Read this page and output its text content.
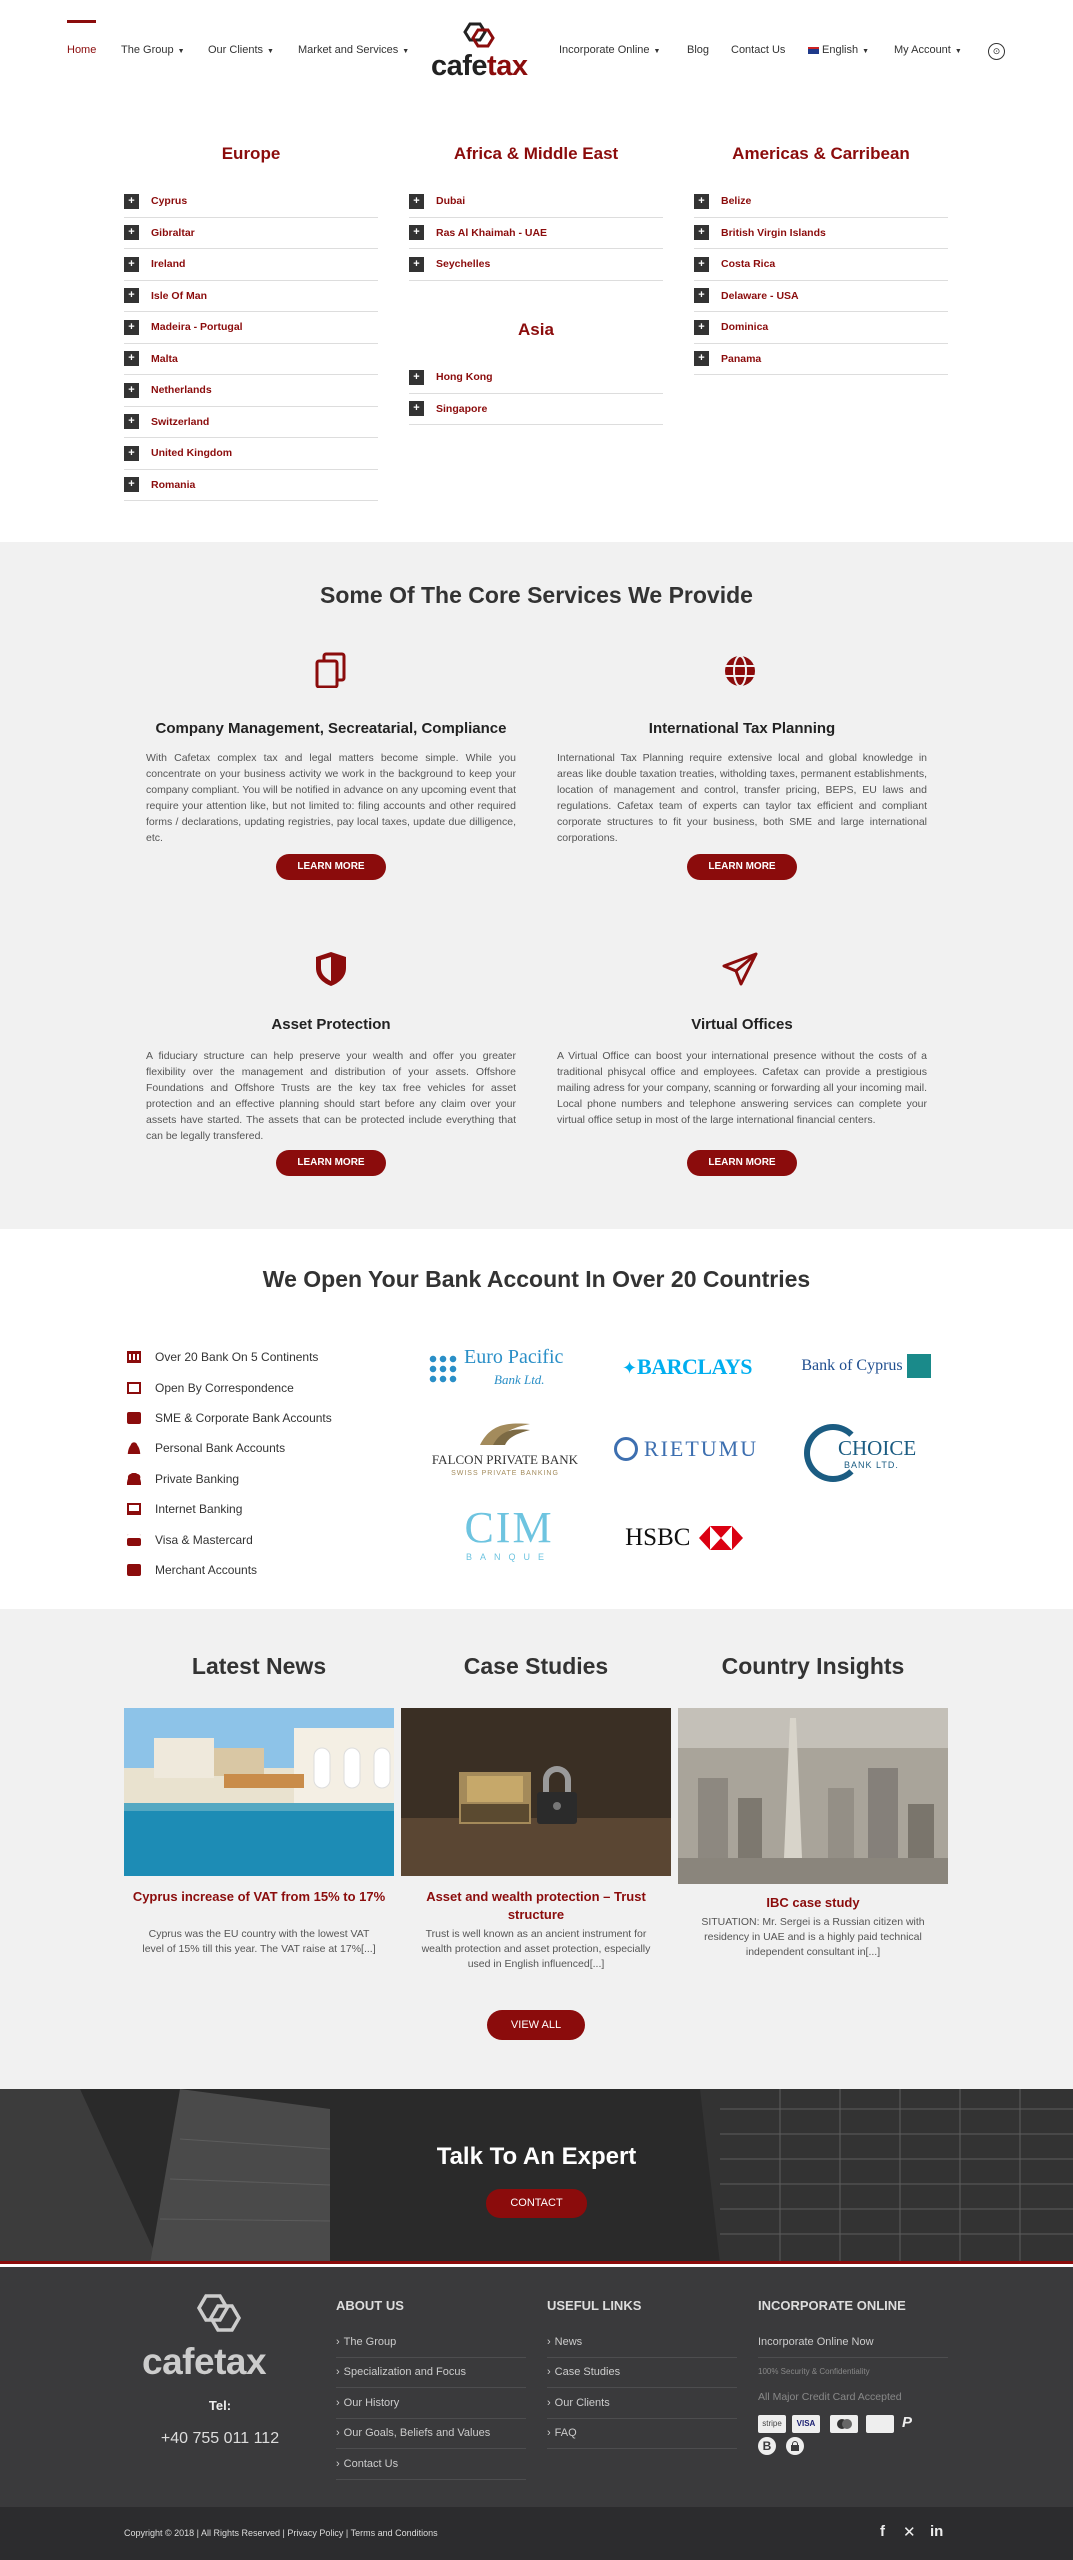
Home The Group ▼ Our Clients ▼ Market and Services ▼ cafetax	Incorporate Online ▼ Blog Contact Us	English ▼ My Account ▼	⊙
Europe
+	Cyprus
+	Gibraltar
+	Ireland
+	Isle Of Man
+	Madeira - Portugal
+	Malta
+	Netherlands
+	Switzerland
+	United Kingdom
+	Romania
Africa & Middle East
+	Dubai
+	Ras Al Khaimah - UAE
+	Seychelles
Asia
+	Hong Kong
+	Singapore
Americas & Carribean
+	Belize
+	British Virgin Islands
+	Costa Rica
+	Delaware - USA
+	Dominica
+	Panama
Some Of The Core Services We Provide
Company Management, Secreatarial, Compliance
With Cafetax complex tax and legal matters become simple. While you concentrate on your business activity we work in the background to keep your company compliant. You will be notified in advance on any upcoming event that require your attention like, but not limited to: filing accounts and other required forms / declarations, updating registries, pay local taxes, update due dilligence, etc.
LEARN MORE
International Tax Planning
International Tax Planning require extensive local and global knowledge in areas like double taxation treaties, witholding taxes, permanent establishments, location of management and control, transfer pricing, BEPS, EU laws and regulations. Cafetax team of experts can taylor tax efficient and compliant corporate structures to fit your business, both SME and large international corporations.
LEARN MORE
Asset Protection
A fiduciary structure can help preserve your wealth and offer you greater flexibility over the management and distribution of your assets. Offshore Foundations and Offshore Trusts are the key tax free vehicles for asset protection and an effective planning should start before any claim over your assets have started. The assets that can be protected include everything that can be legally transfered.
LEARN MORE
Virtual Offices
A Virtual Office can boost your international presence without the costs of a traditional phisycal office and employees. Cafetax can provide a prestigious mailing adress for your company, scanning or forwarding all your incoming mail. Local phone numbers and telephone answering services can complete your virtual office setup in most of the large international financial centers.
LEARN MORE
We Open Your Bank Account In Over 20 Countries
Over 20 Bank On 5 Continents
Open By Correspondence
SME & Corporate Bank Accounts
Personal Bank Accounts
Private Banking
Internet Banking
Visa & Mastercard
Merchant Accounts
Euro Pacific
Bank Ltd.
✦BARCLAYS	Bank of Cyprus
FALCON PRIVATE BANK
SWISS PRIVATE BANKING
RIETUMU	CHOICE
BANK LTD.
CIM
BANQUE
HSBC
Latest News	Case Studies	Country Insights
Cyprus increase of VAT from 15% to 17%
Cyprus was the EU country with the lowest VAT level of 15% till this year. The VAT raise at 17%[...]
Asset and wealth protection – Trust structure
Trust is well known as an ancient instrument for wealth protection and asset protection, especially used in English influenced[...]
IBC case study
SITUATION: Mr. Sergei is a Russian citizen with residency in UAE and is a highly paid technical independent consultant in[...]
VIEW ALL
Talk To An Expert
CONTACT
cafetax
Tel:
+40 755 011 112
ABOUT US
› The Group
› Specialization and Focus
› Our History
› Our Goals, Beliefs and Values
› Contact Us
USEFUL LINKS
› News
› Case Studies
› Our Clients
› FAQ
INCORPORATE ONLINE
Incorporate Online Now
100% Security & Confidentiality
All Major Credit Card Accepted
stripe	VISA	P
B
Copyright © 2018 | All Rights Reserved | Privacy Policy | Terms and Conditions	f ✕ in
